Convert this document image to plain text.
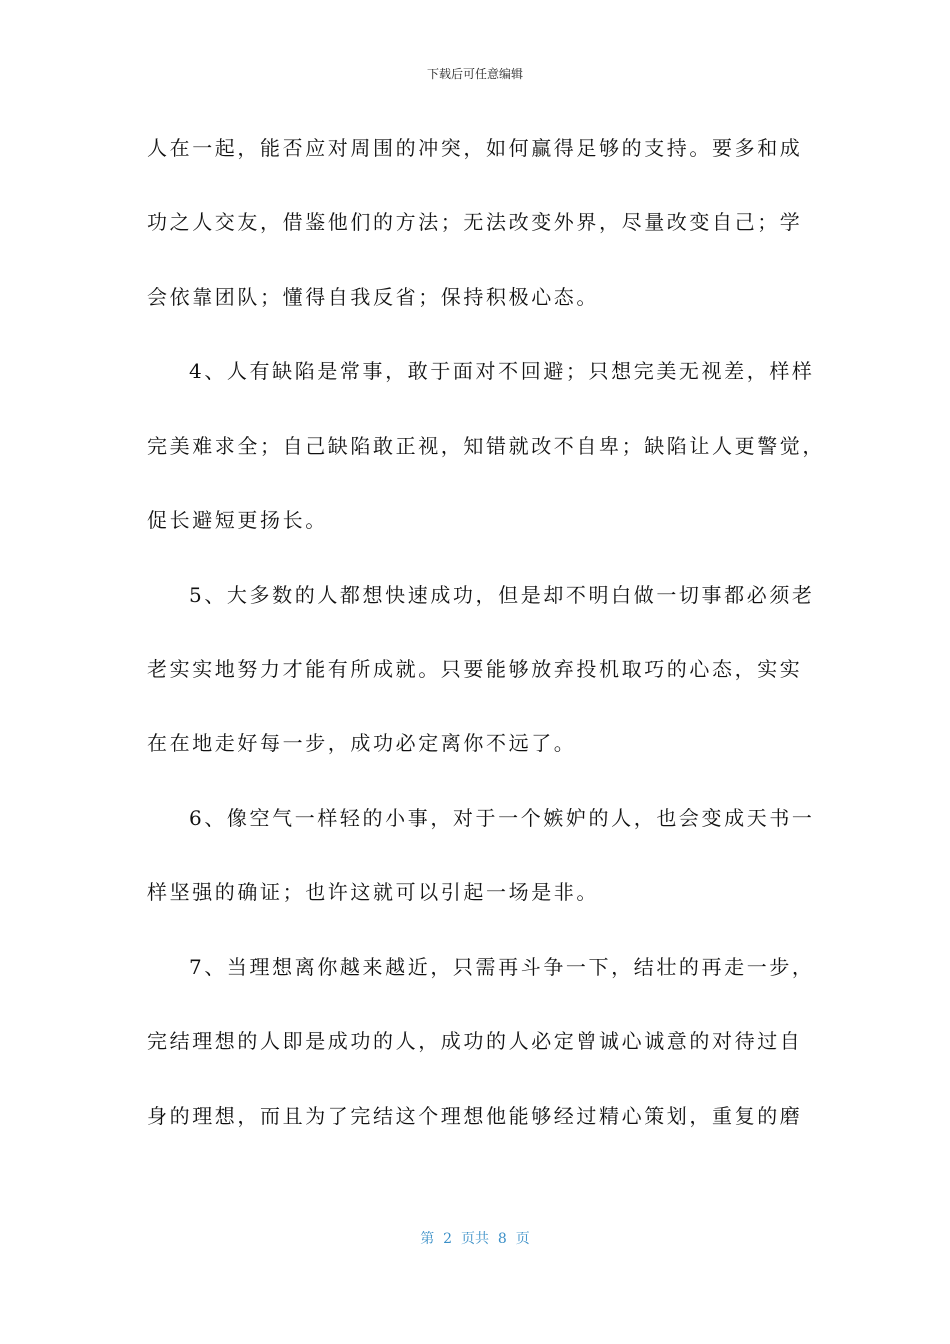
下载后可任意编辑
人在一起，能否应对周围的冲突，如何赢得足够的支持。要多和成
功之人交友，借鉴他们的方法；无法改变外界，尽量改变自己；学
会依靠团队；懂得自我反省；保持积极心态。
4、人有缺陷是常事，敢于面对不回避；只想完美无视差，样样
完美难求全；自己缺陷敢正视，知错就改不自卑；缺陷让人更警觉，
促长避短更扬长。
5、大多数的人都想快速成功，但是却不明白做一切事都必须老
老实实地努力才能有所成就。只要能够放弃投机取巧的心态，实实
在在地走好每一步，成功必定离你不远了。
6、像空气一样轻的小事，对于一个嫉妒的人，也会变成天书一
样坚强的确证；也许这就可以引起一场是非。
7、当理想离你越来越近，只需再斗争一下，结壮的再走一步，
完结理想的人即是成功的人，成功的人必定曾诚心诚意的对待过自
身的理想，而且为了完结这个理想他能够经过精心策划，重复的磨
第  2  页共  8  页
